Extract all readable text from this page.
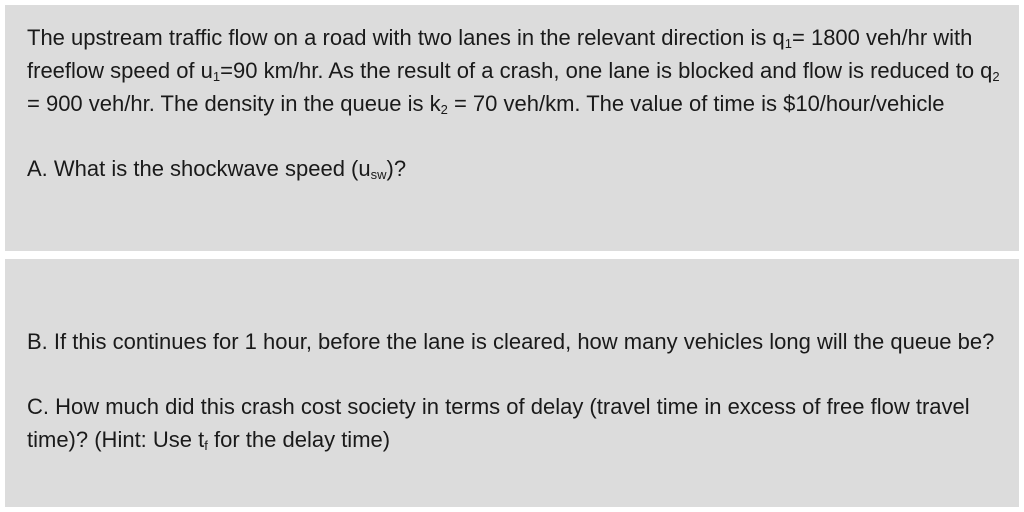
The upstream traffic flow on a road with two lanes in the relevant direction is $q_1= 1800$ veh/hr with freeflow speed of $u_1=90$ km/hr. As the result of a crash, one lane is blocked and flow is reduced to $q_2 = 900$ veh/hr. The density in the queue is $k_2 = 70$ veh/km. The value of time is $10/hour/vehicle

A. What is the shockwave speed $(u_{sw})$?

B. If this continues for 1 hour, before the lane is cleared, how many vehicles long will the queue be?

C. How much did this crash cost society in terms of delay (travel time in excess of free flow travel time)? (Hint: Use $t_f$ for the delay time)
